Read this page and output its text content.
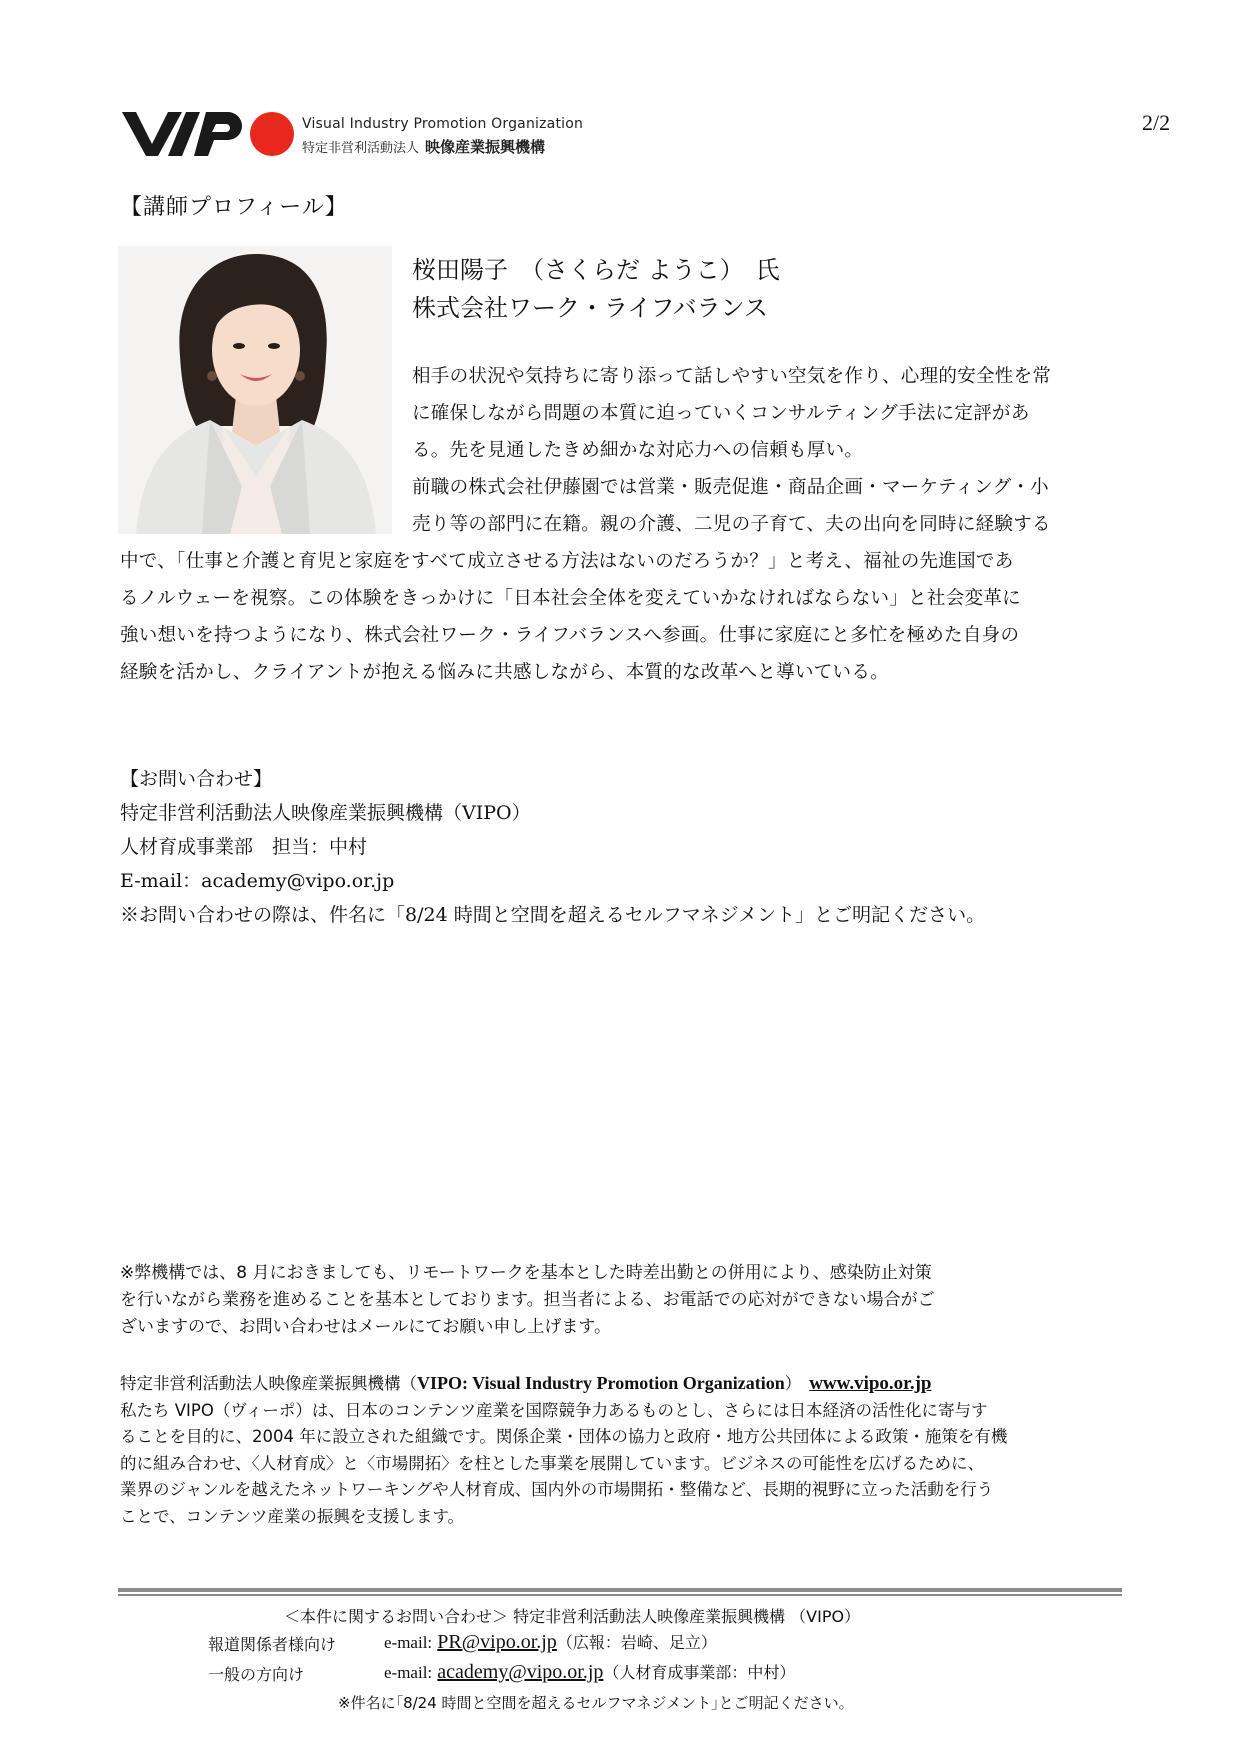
Visual Industry Promotion Organization
特定非営利活動法人 映像産業振興機構
2/2
【講師プロフィール】
桜田陽子　（さくらだ ようこ）　氏
株式会社ワーク・ライフバランス
相手の状況や気持ちに寄り添って話しやすい空気を作り、心理的安全性を常
に確保しながら問題の本質に迫っていくコンサルティング手法に定評があ
る。先を見通したきめ細かな対応力への信頼も厚い。
前職の株式会社伊藤園では営業・販売促進・商品企画・マーケティング・小
売り等の部門に在籍。親の介護、二児の子育て、夫の出向を同時に経験する
中で、「仕事と介護と育児と家庭をすべて成立させる方法はないのだろうか？」と考え、福祉の先進国であ
るノルウェーを視察。この体験をきっかけに「日本社会全体を変えていかなければならない」と社会変革に
強い想いを持つようになり、株式会社ワーク・ライフバランスへ参画。仕事に家庭にと多忙を極めた自身の
経験を活かし、クライアントが抱える悩みに共感しながら、本質的な改革へと導いている。
【お問い合わせ】
特定非営利活動法人映像産業振興機構（VIPO）
人材育成事業部　担当：中村
E-mail：academy@vipo.or.jp
※お問い合わせの際は、件名に「8/24 時間と空間を超えるセルフマネジメント」とご明記ください。
※弊機構では、8 月におきましても、リモートワークを基本とした時差出勤との併用により、感染防止対策
を行いながら業務を進めることを基本としております。担当者による、お電話での応対ができない場合がご
ざいますので、お問い合わせはメールにてお願い申し上げます。
特定非営利活動法人映像産業振興機構（VIPO: Visual Industry Promotion Organization） www.vipo.or.jp
私たち VIPO（ヴィーポ）は、日本のコンテンツ産業を国際競争力あるものとし、さらには日本経済の活性化に寄与す
ることを目的に、2004 年に設立された組織です。関係企業・団体の協力と政府・地方公共団体による政策・施策を有機
的に組み合わせ、〈人材育成〉と〈市場開拓〉を柱とした事業を展開しています。ビジネスの可能性を広げるために、
業界のジャンルを越えたネットワーキングや人材育成、国内外の市場開拓・整備など、長期的視野に立った活動を行う
ことで、コンテンツ産業の振興を支援します。
＜本件に関するお問い合わせ＞ 特定非営利活動法人映像産業振興機構 （VIPO）
報道関係者様向け	e-mail: PR@vipo.or.jp（広報：岩崎、足立）
一般の方向け	e-mail: academy@vipo.or.jp（人材育成事業部：中村）
※件名に｢8/24 時間と空間を超えるセルフマネジメント｣とご明記ください。
